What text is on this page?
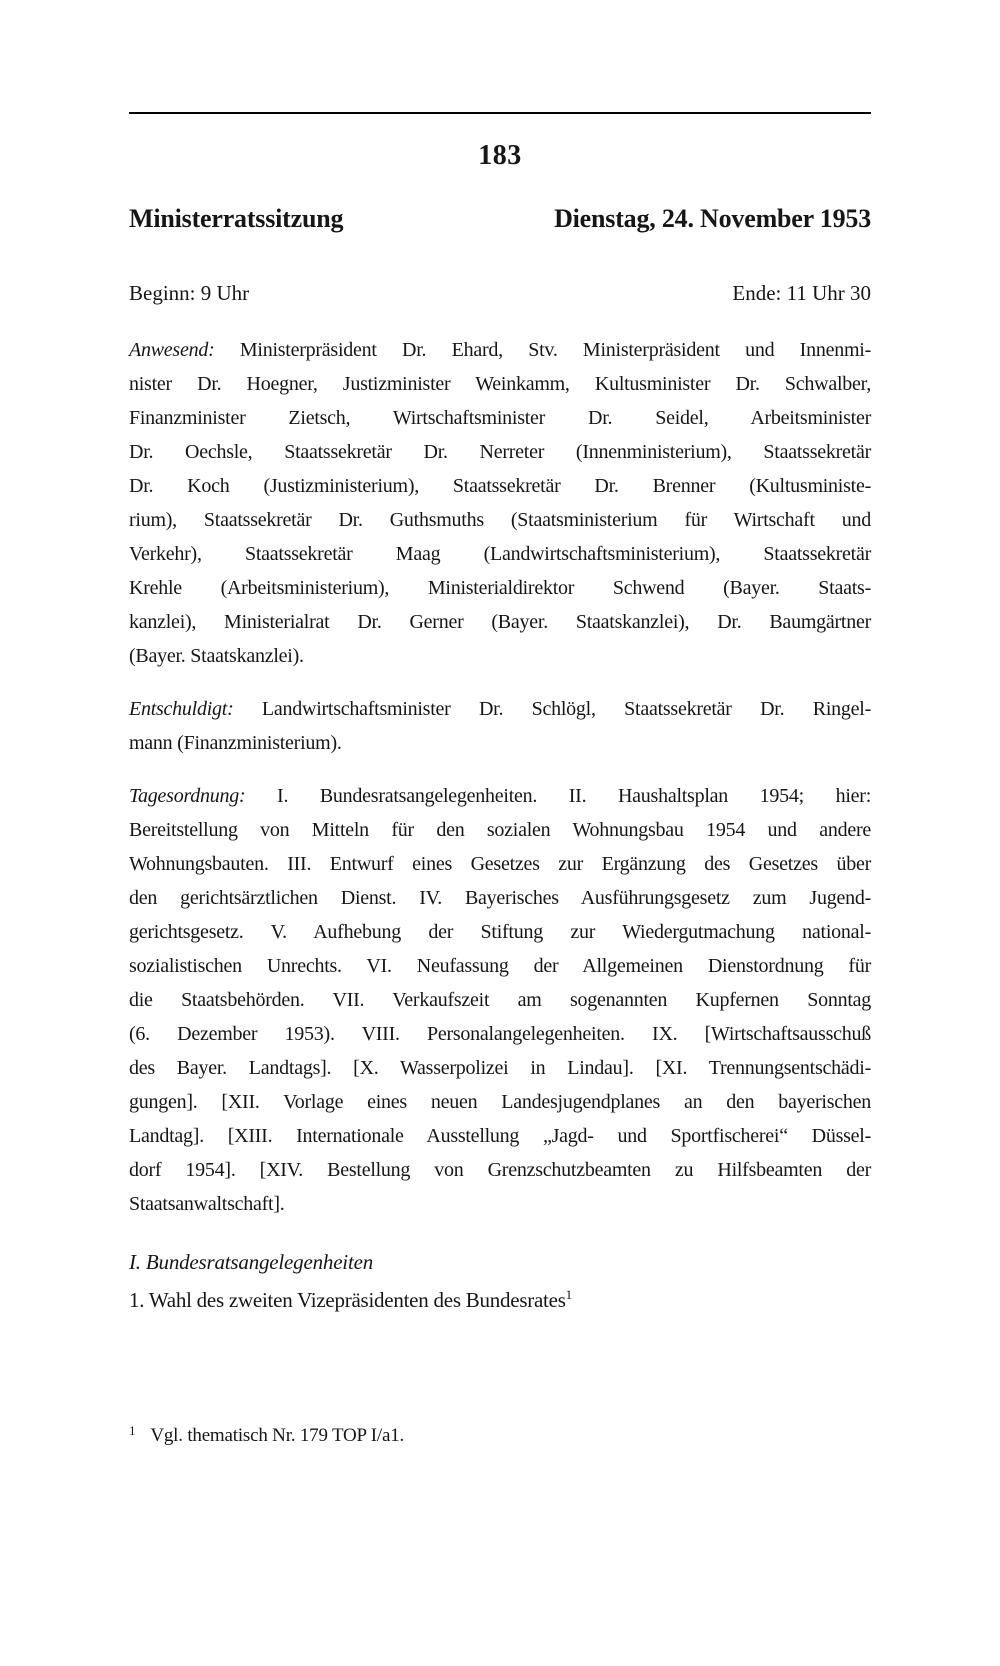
183
Ministerratssitzung	Dienstag, 24. November 1953
Beginn: 9 Uhr	Ende: 11 Uhr 30
Anwesend: Ministerpräsident Dr. Ehard, Stv. Ministerpräsident und Innenmi-
nister Dr. Hoegner, Justizminister Weinkamm, Kultusminister Dr. Schwalber,
Finanzminister Zietsch, Wirtschaftsminister Dr. Seidel, Arbeitsminister
Dr. Oechsle, Staatssekretär Dr. Nerreter (Innenministerium), Staatssekretär
Dr. Koch (Justizministerium), Staatssekretär Dr. Brenner (Kultusministe-
rium), Staatssekretär Dr. Guthsmuths (Staatsministerium für Wirtschaft und
Verkehr), Staatssekretär Maag (Landwirtschaftsministerium), Staatssekretär
Krehle (Arbeitsministerium), Ministerialdirektor Schwend (Bayer. Staats-
kanzlei), Ministerialrat Dr. Gerner (Bayer. Staatskanzlei), Dr. Baumgärtner
(Bayer. Staatskanzlei).
Entschuldigt: Landwirtschaftsminister Dr. Schlögl, Staatssekretär Dr. Ringel-
mann (Finanzministerium).
Tagesordnung: I. Bundesratsangelegenheiten. II. Haushaltsplan 1954; hier:
Bereitstellung von Mitteln für den sozialen Wohnungsbau 1954 und andere
Wohnungsbauten. III. Entwurf eines Gesetzes zur Ergänzung des Gesetzes über
den gerichtsärztlichen Dienst. IV. Bayerisches Ausführungsgesetz zum Jugend-
gerichtsgesetz. V. Aufhebung der Stiftung zur Wiedergutmachung national-
sozialistischen Unrechts. VI. Neufassung der Allgemeinen Dienstordnung für
die Staatsbehörden. VII. Verkaufszeit am sogenannten Kupfernen Sonntag
(6. Dezember 1953). VIII. Personalangelegenheiten. IX. [Wirtschaftsausschuß
des Bayer. Landtags]. [X. Wasserpolizei in Lindau]. [XI. Trennungsentschädi-
gungen]. [XII. Vorlage eines neuen Landesjugendplanes an den bayerischen
Landtag]. [XIII. Internationale Ausstellung „Jagd- und Sportfischerei“ Düssel-
dorf 1954]. [XIV. Bestellung von Grenzschutzbeamten zu Hilfsbeamten der
Staatsanwaltschaft].
I. Bundesratsangelegenheiten
1. Wahl des zweiten Vizepräsidenten des Bundesrates$^1$
1 Vgl. thematisch Nr. 179 TOP I/a1.
